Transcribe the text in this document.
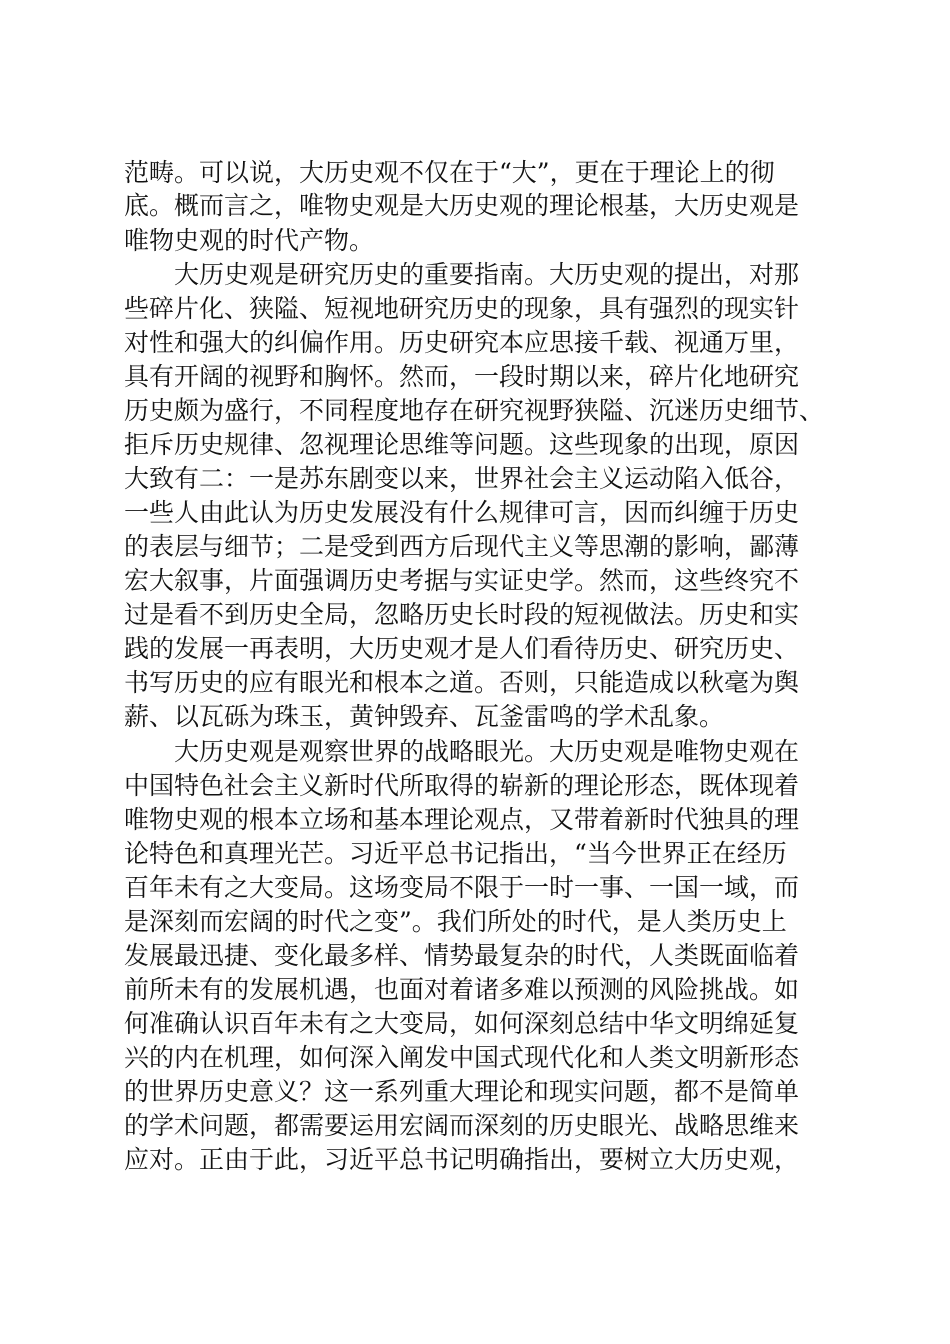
范畴。可以说，大历史观不仅在于“大”，更在于理论上的彻
底。概而言之，唯物史观是大历史观的理论根基，大历史观是
唯物史观的时代产物。
　　大历史观是研究历史的重要指南。大历史观的提出，对那
些碎片化、狭隘、短视地研究历史的现象，具有强烈的现实针
对性和强大的纠偏作用。历史研究本应思接千载、视通万里，
具有开阔的视野和胸怀。然而，一段时期以来，碎片化地研究
历史颇为盛行，不同程度地存在研究视野狭隘、沉迷历史细节、
拒斥历史规律、忽视理论思维等问题。这些现象的出现，原因
大致有二：一是苏东剧变以来，世界社会主义运动陷入低谷，
一些人由此认为历史发展没有什么规律可言，因而纠缠于历史
的表层与细节；二是受到西方后现代主义等思潮的影响，鄙薄
宏大叙事，片面强调历史考据与实证史学。然而，这些终究不
过是看不到历史全局，忽略历史长时段的短视做法。历史和实
践的发展一再表明，大历史观才是人们看待历史、研究历史、
书写历史的应有眼光和根本之道。否则，只能造成以秋毫为舆
薪、以瓦砾为珠玉，黄钟毁弃、瓦釜雷鸣的学术乱象。
　　大历史观是观察世界的战略眼光。大历史观是唯物史观在
中国特色社会主义新时代所取得的崭新的理论形态，既体现着
唯物史观的根本立场和基本理论观点，又带着新时代独具的理
论特色和真理光芒。习近平总书记指出，“当今世界正在经历
百年未有之大变局。这场变局不限于一时一事、一国一域，而
是深刻而宏阔的时代之变”。我们所处的时代，是人类历史上
发展最迅捷、变化最多样、情势最复杂的时代，人类既面临着
前所未有的发展机遇，也面对着诸多难以预测的风险挑战。如
何准确认识百年未有之大变局，如何深刻总结中华文明绵延复
兴的内在机理，如何深入阐发中国式现代化和人类文明新形态
的世界历史意义？这一系列重大理论和现实问题，都不是简单
的学术问题，都需要运用宏阔而深刻的历史眼光、战略思维来
应对。正由于此，习近平总书记明确指出，要树立大历史观，
